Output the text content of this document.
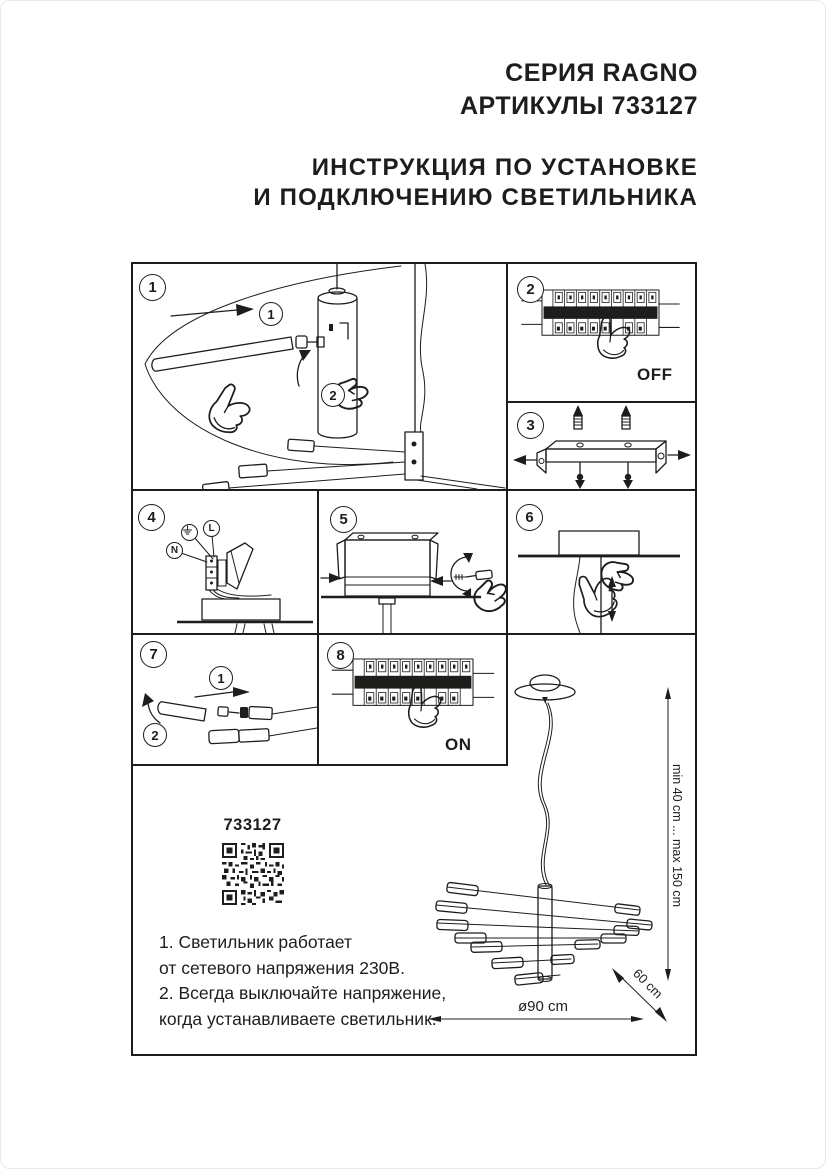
СЕРИЯ RAGNO
АРТИКУЛЫ 733127
ИНСТРУКЦИЯ ПО УСТАНОВКЕ
И ПОДКЛЮЧЕНИЮ СВЕТИЛЬНИКА
1
1
2
2
OFF
3
4
L
N
5	6
7
1
2
8
ON
min 40 cm ... max 150 cm
60 cm
ø90 cm
733127
1. Светильник работает
от сетевого напряжения 230В.
2. Всегда выключайте напряжение,
когда устанавливаете светильник.
